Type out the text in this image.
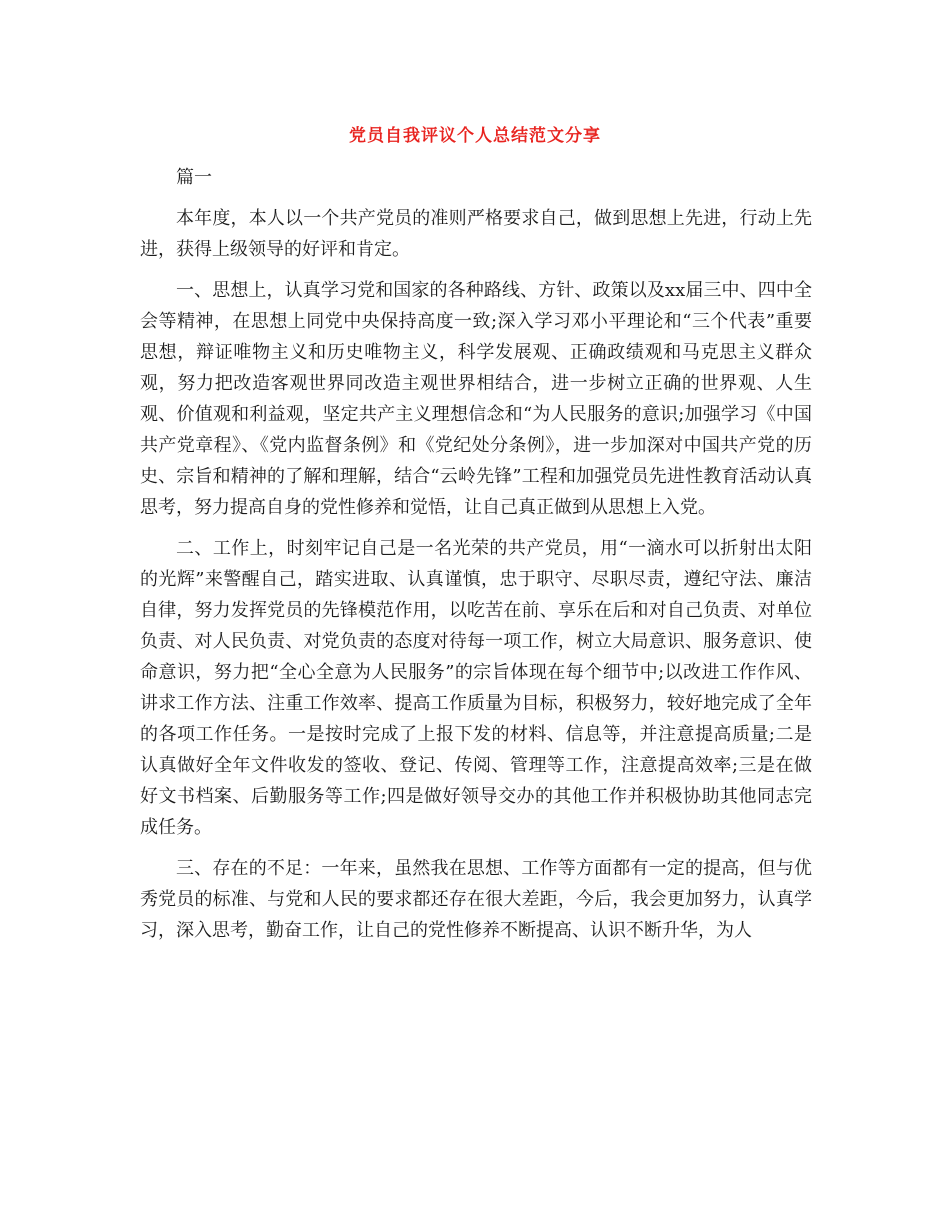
党员自我评议个人总结范文分享

篇一

本年度，本人以一个共产党员的准则严格要求自己，做到思想上先进，行动上先进，获得上级领导的好评和肯定。

一、思想上，认真学习党和国家的各种路线、方针、政策以及xx届三中、四中全会等精神，在思想上同党中央保持高度一致;深入学习邓小平理论和“三个代表”重要思想，辩证唯物主义和历史唯物主义，科学发展观、正确政绩观和马克思主义群众观，努力把改造客观世界同改造主观世界相结合，进一步树立正确的世界观、人生观、价值观和利益观，坚定共产主义理想信念和“为人民服务的意识;加强学习《中国共产党章程》、《党内监督条例》和《党纪处分条例》，进一步加深对中国共产党的历史、宗旨和精神的了解和理解，结合“云岭先锋”工程和加强党员先进性教育活动认真思考，努力提高自身的党性修养和觉悟，让自己真正做到从思想上入党。

二、工作上，时刻牢记自己是一名光荣的共产党员，用“一滴水可以折射出太阳的光辉”来警醒自己，踏实进取、认真谨慎，忠于职守、尽职尽责，遵纪守法、廉洁自律，努力发挥党员的先锋模范作用，以吃苦在前、享乐在后和对自己负责、对单位负责、对人民负责、对党负责的态度对待每一项工作，树立大局意识、服务意识、使命意识，努力把“全心全意为人民服务”的宗旨体现在每个细节中;以改进工作作风、讲求工作方法、注重工作效率、提高工作质量为目标，积极努力，较好地完成了全年的各项工作任务。一是按时完成了上报下发的材料、信息等，并注意提高质量;二是认真做好全年文件收发的签收、登记、传阅、管理等工作，注意提高效率;三是在做好文书档案、后勤服务等工作;四是做好领导交办的其他工作并积极协助其他同志完成任务。

三、存在的不足：一年来，虽然我在思想、工作等方面都有一定的提高，但与优秀党员的标准、与党和人民的要求都还存在很大差距，今后，我会更加努力，认真学习，深入思考，勤奋工作，让自己的党性修养不断提高、认识不断升华，为人
